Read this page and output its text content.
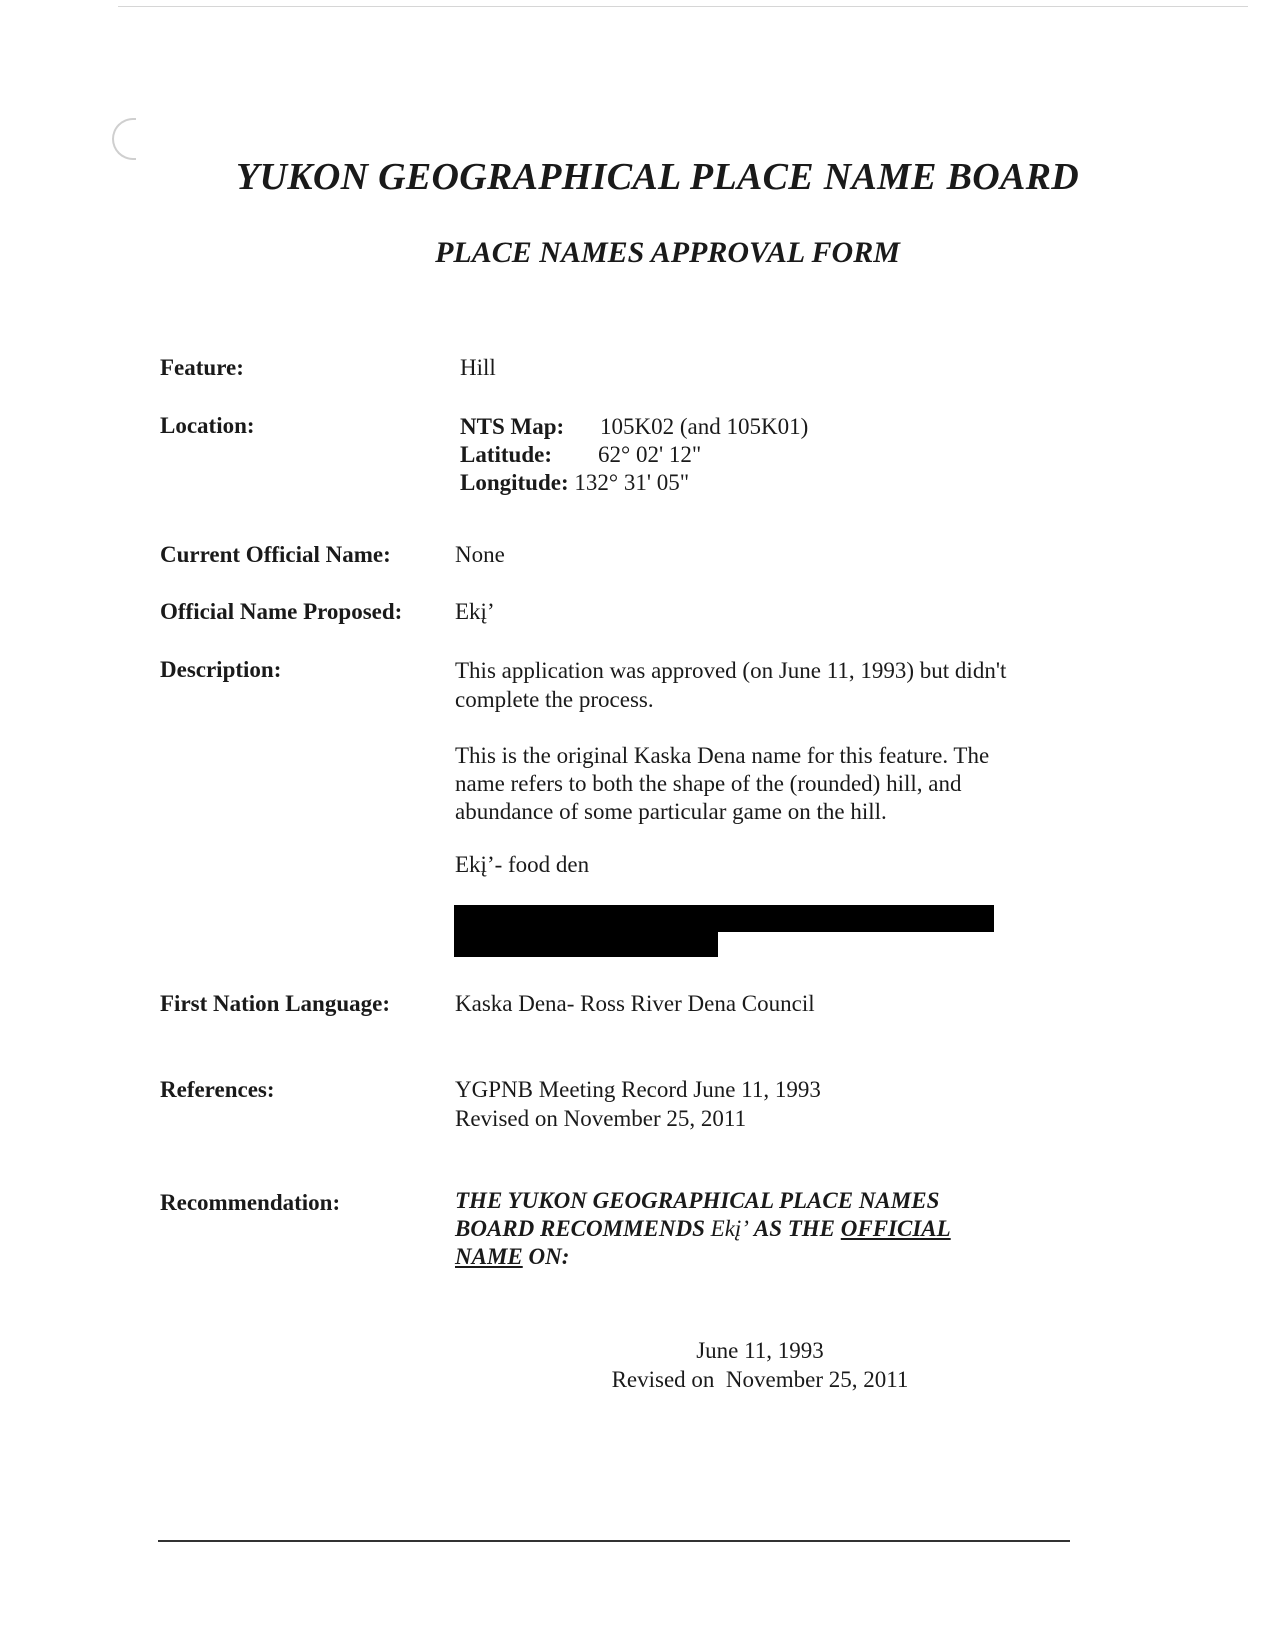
YUKON GEOGRAPHICAL PLACE NAME BOARD
PLACE NAMES APPROVAL FORM
Feature:	Hill
Location:	NTS Map: 105K02 (and 105K01)
Latitude: 62° 02' 12"
Longitude: 132° 31' 05"
Current Official Name:	None
Official Name Proposed: Ekį’
Description:	This application was approved (on June 11, 1993) but didn't
complete the process.
This is the original Kaska Dena name for this feature. The
name refers to both the shape of the (rounded) hill, and
abundance of some particular game on the hill.
Ekį’- food den
First Nation Language:	Kaska Dena- Ross River Dena Council
References:	YGPNB Meeting Record June 11, 1993
Revised on November 25, 2011
Recommendation:	THE YUKON GEOGRAPHICAL PLACE NAMES
BOARD RECOMMENDS Ekį’ AS THE OFFICIAL
NAME ON:
June 11, 1993
Revised on  November 25, 2011
